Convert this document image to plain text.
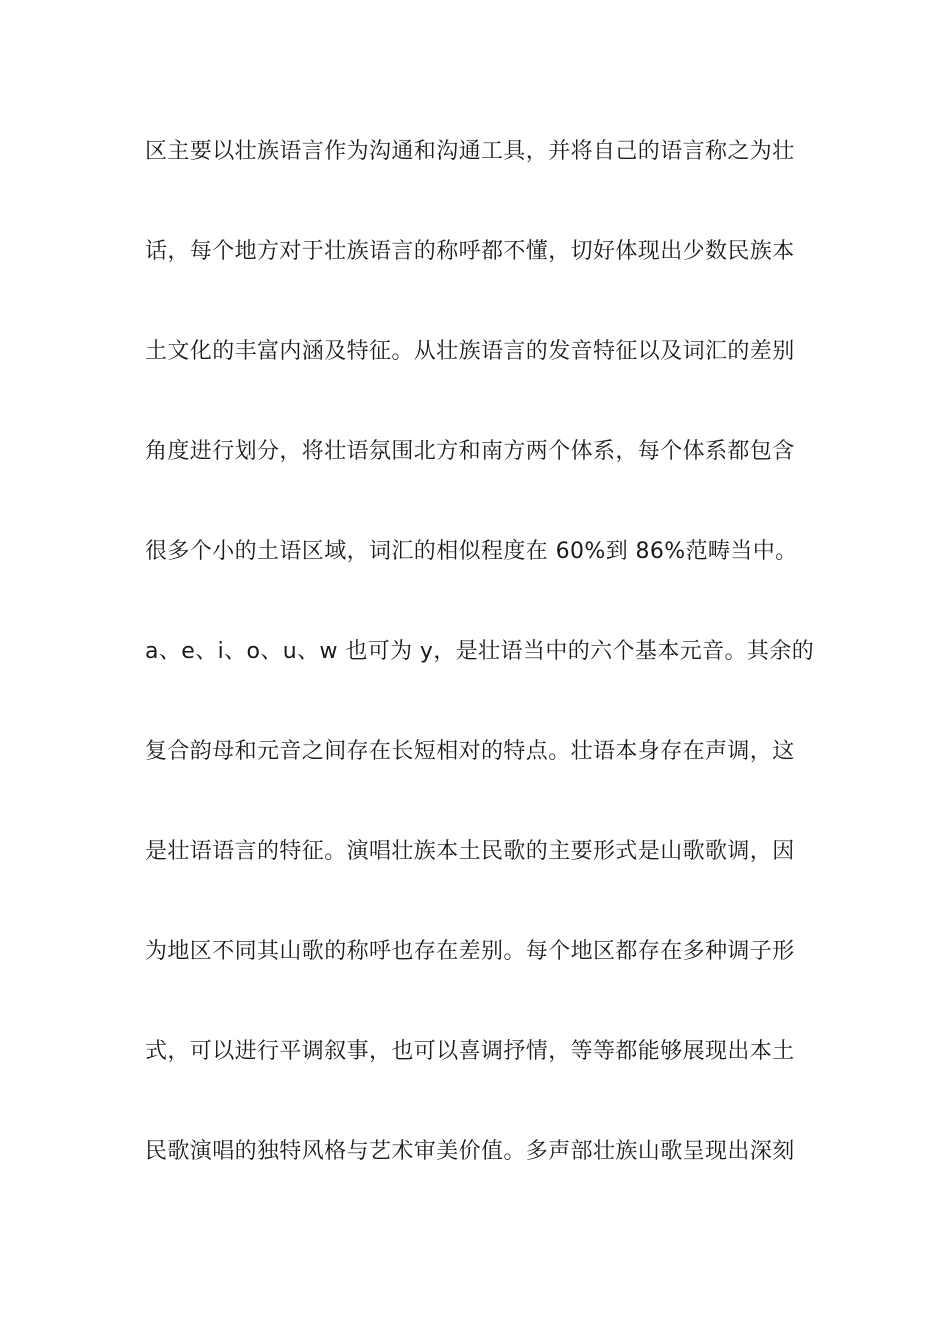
区主要以壮族语言作为沟通和沟通工具，并将自己的语言称之为壮
话，每个地方对于壮族语言的称呼都不懂，切好体现出少数民族本
土文化的丰富内涵及特征。从壮族语言的发音特征以及词汇的差别
角度进行划分，将壮语氛围北方和南方两个体系，每个体系都包含
很多个小的土语区域，词汇的相似程度在 60%到 86%范畴当中。
a、e、i、o、u、w 也可为 y，是壮语当中的六个基本元音。其余的
复合韵母和元音之间存在长短相对的特点。壮语本身存在声调，这
是壮语语言的特征。演唱壮族本土民歌的主要形式是山歌歌调，因
为地区不同其山歌的称呼也存在差别。每个地区都存在多种调子形
式，可以进行平调叙事，也可以喜调抒情，等等都能够展现出本土
民歌演唱的独特风格与艺术审美价值。多声部壮族山歌呈现出深刻
